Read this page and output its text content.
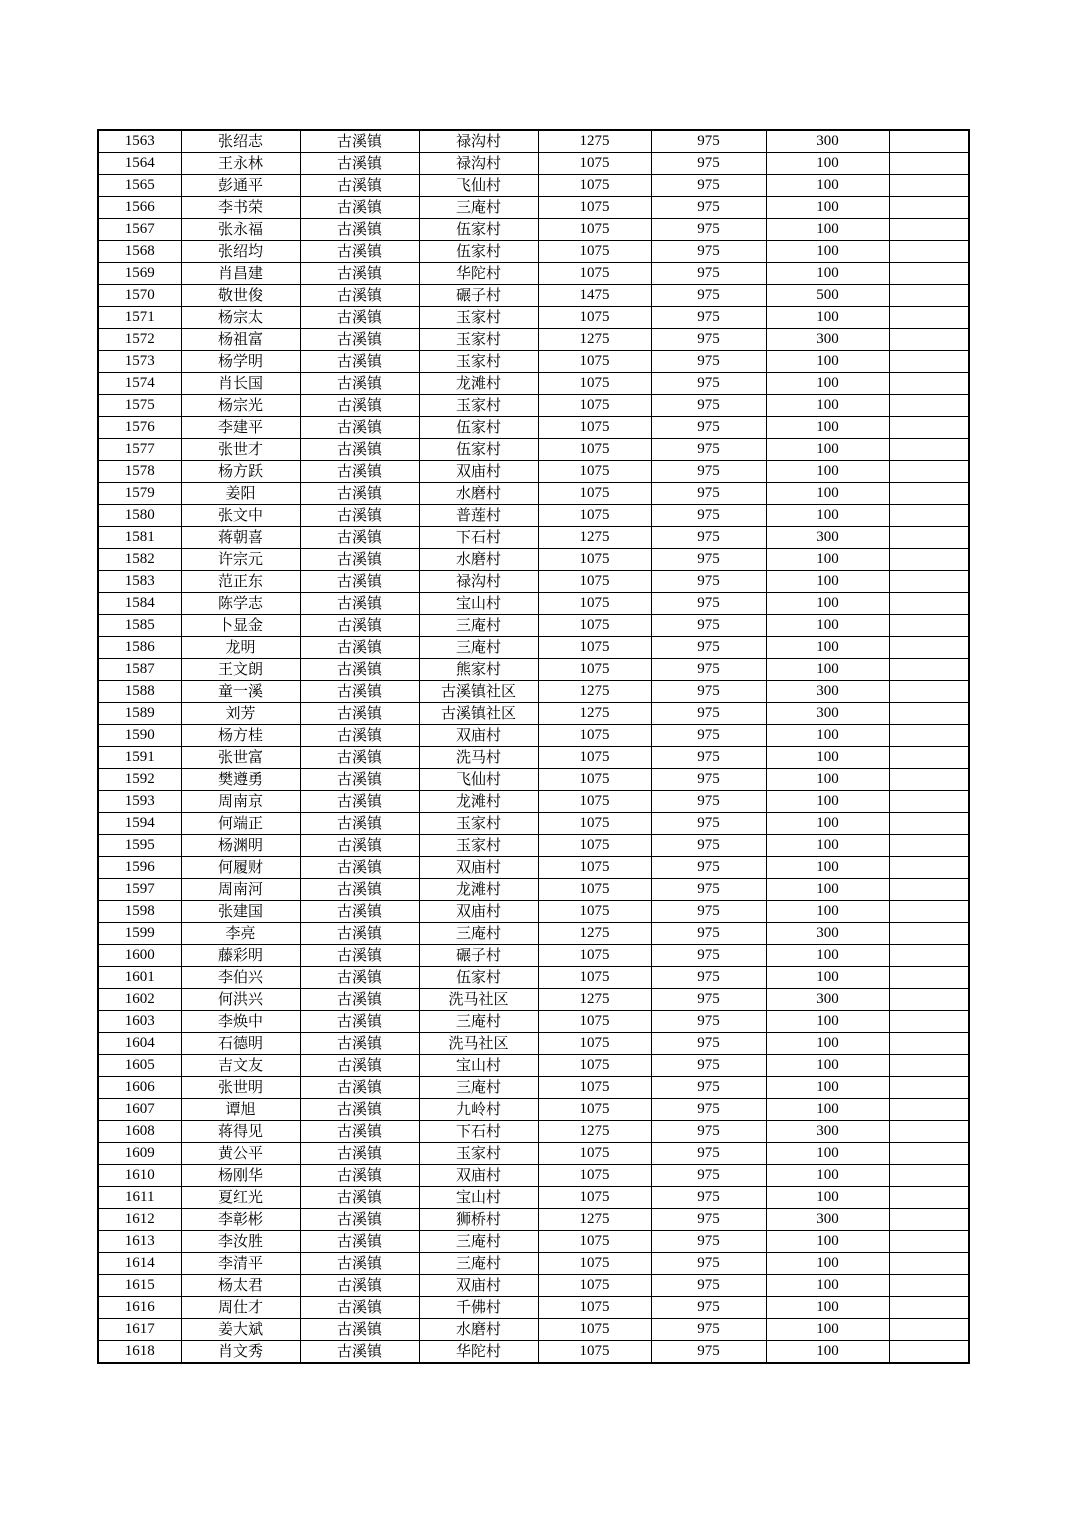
1563	张绍志	古溪镇	禄沟村	1275	975	300	
1564	王永林	古溪镇	禄沟村	1075	975	100	
1565	彭通平	古溪镇	飞仙村	1075	975	100	
1566	李书荣	古溪镇	三庵村	1075	975	100	
1567	张永福	古溪镇	伍家村	1075	975	100	
1568	张绍均	古溪镇	伍家村	1075	975	100	
1569	肖昌建	古溪镇	华陀村	1075	975	100	
1570	敬世俊	古溪镇	碾子村	1475	975	500	
1571	杨宗太	古溪镇	玉家村	1075	975	100	
1572	杨祖富	古溪镇	玉家村	1275	975	300	
1573	杨学明	古溪镇	玉家村	1075	975	100	
1574	肖长国	古溪镇	龙滩村	1075	975	100	
1575	杨宗光	古溪镇	玉家村	1075	975	100	
1576	李建平	古溪镇	伍家村	1075	975	100	
1577	张世才	古溪镇	伍家村	1075	975	100	
1578	杨方跃	古溪镇	双庙村	1075	975	100	
1579	姜阳	古溪镇	水磨村	1075	975	100	
1580	张文中	古溪镇	普莲村	1075	975	100	
1581	蒋朝喜	古溪镇	下石村	1275	975	300	
1582	许宗元	古溪镇	水磨村	1075	975	100	
1583	范正东	古溪镇	禄沟村	1075	975	100	
1584	陈学志	古溪镇	宝山村	1075	975	100	
1585	卜显金	古溪镇	三庵村	1075	975	100	
1586	龙明	古溪镇	三庵村	1075	975	100	
1587	王文朗	古溪镇	熊家村	1075	975	100	
1588	童一溪	古溪镇	古溪镇社区	1275	975	300	
1589	刘芳	古溪镇	古溪镇社区	1275	975	300	
1590	杨方桂	古溪镇	双庙村	1075	975	100	
1591	张世富	古溪镇	洗马村	1075	975	100	
1592	樊遵勇	古溪镇	飞仙村	1075	975	100	
1593	周南京	古溪镇	龙滩村	1075	975	100	
1594	何端正	古溪镇	玉家村	1075	975	100	
1595	杨渊明	古溪镇	玉家村	1075	975	100	
1596	何履财	古溪镇	双庙村	1075	975	100	
1597	周南河	古溪镇	龙滩村	1075	975	100	
1598	张建国	古溪镇	双庙村	1075	975	100	
1599	李亮	古溪镇	三庵村	1275	975	300	
1600	藤彩明	古溪镇	碾子村	1075	975	100	
1601	李伯兴	古溪镇	伍家村	1075	975	100	
1602	何洪兴	古溪镇	洗马社区	1275	975	300	
1603	李焕中	古溪镇	三庵村	1075	975	100	
1604	石德明	古溪镇	洗马社区	1075	975	100	
1605	吉文友	古溪镇	宝山村	1075	975	100	
1606	张世明	古溪镇	三庵村	1075	975	100	
1607	谭旭	古溪镇	九岭村	1075	975	100	
1608	蒋得见	古溪镇	下石村	1275	975	300	
1609	黄公平	古溪镇	玉家村	1075	975	100	
1610	杨刚华	古溪镇	双庙村	1075	975	100	
1611	夏红光	古溪镇	宝山村	1075	975	100	
1612	李彰彬	古溪镇	狮桥村	1275	975	300	
1613	李汝胜	古溪镇	三庵村	1075	975	100	
1614	李清平	古溪镇	三庵村	1075	975	100	
1615	杨太君	古溪镇	双庙村	1075	975	100	
1616	周仕才	古溪镇	千佛村	1075	975	100	
1617	姜大斌	古溪镇	水磨村	1075	975	100	
1618	肖文秀	古溪镇	华陀村	1075	975	100	
